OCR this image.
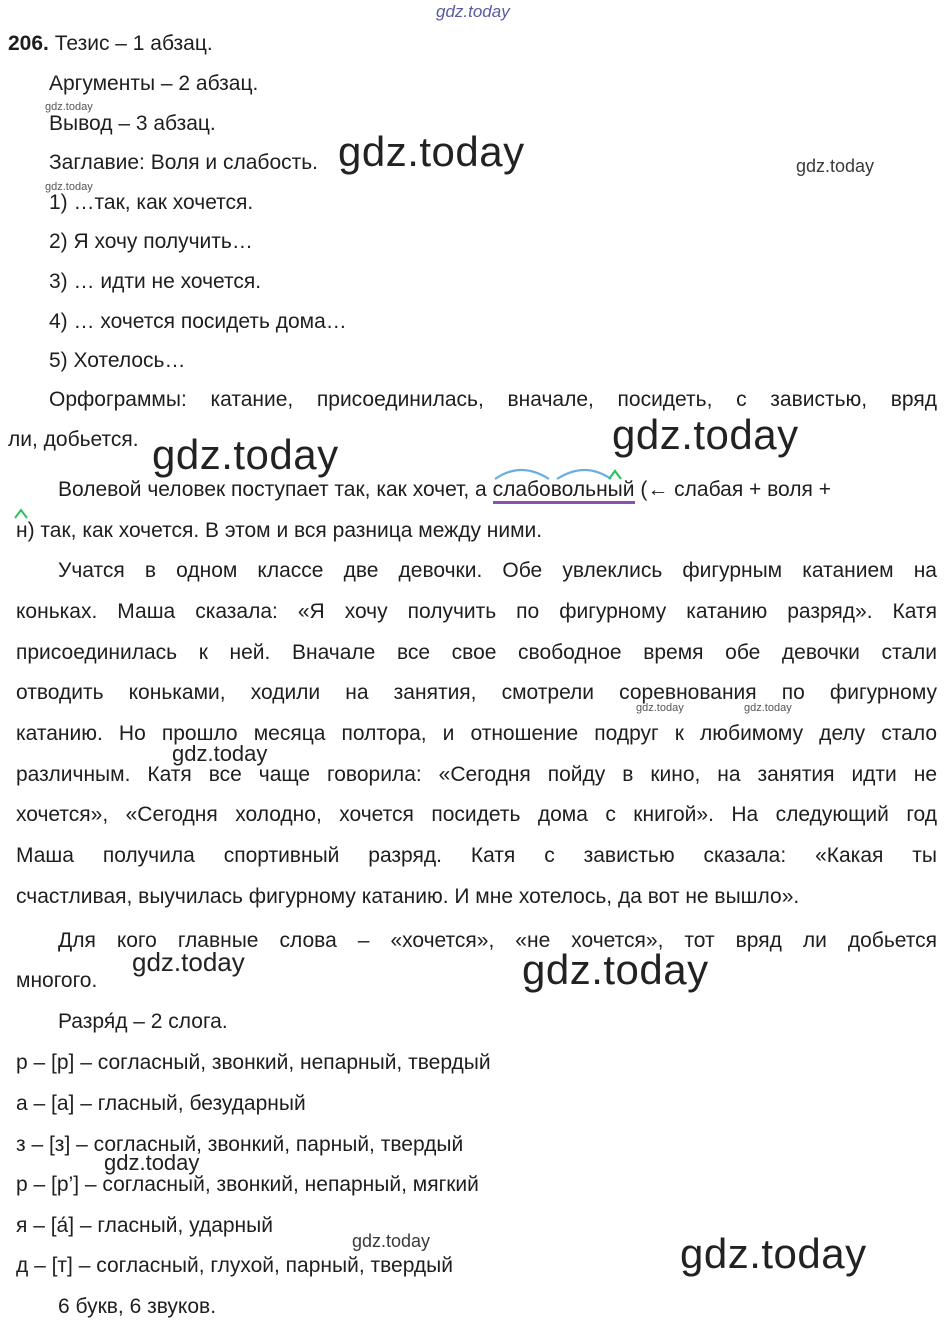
gdz.today
206. Тезис – 1 абзац.
Аргументы – 2 абзац.
Вывод – 3 абзац.
Заглавие: Воля и слабость.
1) …так, как хочется.
2) Я хочу получить…
3) … идти не хочется.
4) … хочется посидеть дома…
5) Хотелось…
Орфограммы: катание, присоединилась, вначале, посидеть, с завистью, вряд
ли, добьется.
Волевой человек поступает так, как хочет, а слабовольный (← слабая + воля +
н) так, как хочется. В этом и вся разница между ними.
Учатся в одном классе две девочки. Обе увлеклись фигурным катанием на
коньках. Маша сказала: «Я хочу получить по фигурному катанию разряд». Катя
присоединилась к ней. Вначале все свое свободное время обе девочки стали
отводить коньками, ходили на занятия, смотрели соревнования по фигурному
катанию. Но прошло месяца полтора, и отношение подруг к любимому делу стало
различным. Катя все чаще говорила: «Сегодня пойду в кино, на занятия идти не
хочется», «Сегодня холодно, хочется посидеть дома с книгой». На следующий год
Маша получила спортивный разряд. Катя с завистью сказала: «Какая ты
счастливая, выучилась фигурному катанию. И мне хотелось, да вот не вышло».
Для кого главные слова – «хочется», «не хочется», тот вряд ли добьется
многого.
Разря́д – 2 слога.
р – [р] – согласный, звонкий, непарный, твердый
а – [а] – гласный, безударный
з – [з] – согласный, звонкий, парный, твердый
р – [р’] – согласный, звонкий, непарный, мягкий
я – [а́] – гласный, ударный
д – [т] – согласный, глухой, парный, твердый
6 букв, 6 звуков.
gdz.today	gdz.today
gdz.today
gdz.today
gdz.today
gdz.today
gdz.today	gdz.today
gdz.today
gdz.today	gdz.today
gdz.today
gdz.today	gdz.today
